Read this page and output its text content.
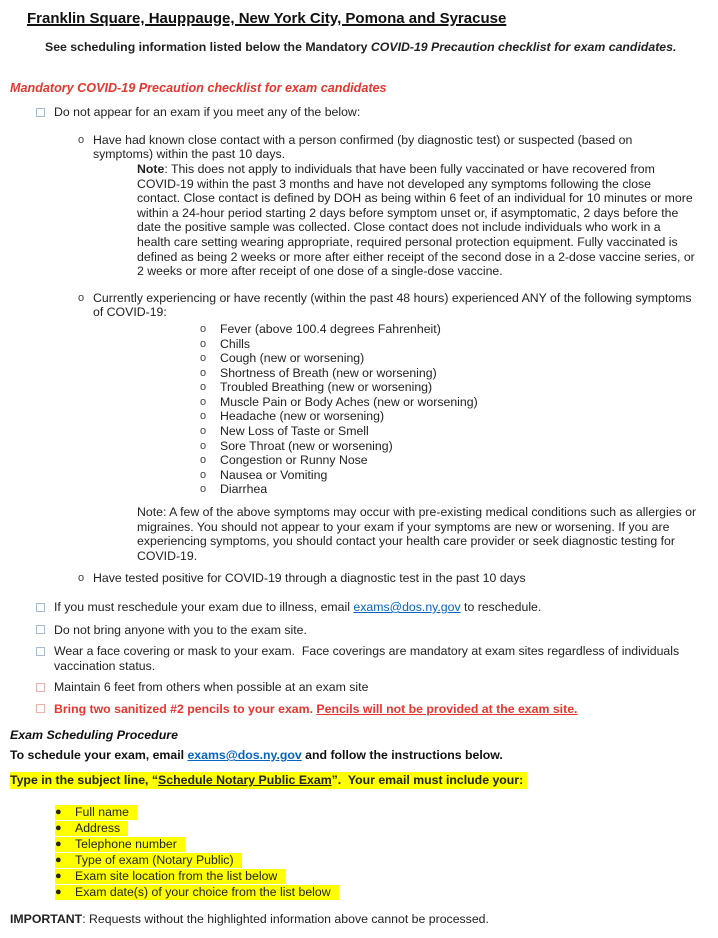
Franklin Square, Hauppauge, New York City, Pomona and Syracuse

See scheduling information listed below the Mandatory COVID-19 Precaution checklist for exam candidates.

Mandatory COVID-19 Precaution checklist for exam candidates
Do not appear for an exam if you meet any of the below:
o Have had known close contact with a person confirmed (by diagnostic test) or suspected (based on symptoms) within the past 10 days.

Note: This does not apply to individuals that have been fully vaccinated or have recovered from COVID-19 within the past 3 months and have not developed any symptoms following the close contact. Close contact is defined by DOH as being within 6 feet of an individual for 10 minutes or more within a 24-hour period starting 2 days before symptom unset or, if asymptomatic, 2 days before the date the positive sample was collected. Close contact does not include individuals who work in a health care setting wearing appropriate, required personal protection equipment. Fully vaccinated is defined as being 2 weeks or more after either receipt of the second dose in a 2-dose vaccine series, or 2 weeks or more after receipt of one dose of a single-dose vaccine.

o Currently experiencing or have recently (within the past 48 hours) experienced ANY of the following symptoms of COVID-19:
o	Fever (above 100.4 degrees Fahrenheit)
o	Chills
o	Cough (new or worsening)
o	Shortness of Breath (new or worsening)
o	Troubled Breathing (new or worsening)
o	Muscle Pain or Body Aches (new or worsening)
o	Headache (new or worsening)
o	New Loss of Taste or Smell
o	Sore Throat (new or worsening)
o	Congestion or Runny Nose
o	Nausea or Vomiting
o	Diarrhea

Note: A few of the above symptoms may occur with pre-existing medical conditions such as allergies or migraines. You should not appear to your exam if your symptoms are new or worsening. If you are experiencing symptoms, you should contact your health care provider or seek diagnostic testing for COVID-19.

o Have tested positive for COVID-19 through a diagnostic test in the past 10 days
If you must reschedule your exam due to illness, email exams@dos.ny.gov to reschedule.
Do not bring anyone with you to the exam site.
Wear a face covering or mask to your exam.  Face coverings are mandatory at exam sites regardless of individuals vaccination status.
Maintain 6 feet from others when possible at an exam site
Bring two sanitized #2 pencils to your exam. Pencils will not be provided at the exam site.
Exam Scheduling Procedure

To schedule your exam, email exams@dos.ny.gov and follow the instructions below.

Type in the subject line, “Schedule Notary Public Exam”.  Your email must include your:

●	Full name
●	Address
●	Telephone number
●	Type of exam (Notary Public)
●	Exam site location from the list below
●	Exam date(s) of your choice from the list below

IMPORTANT: Requests without the highlighted information above cannot be processed.
